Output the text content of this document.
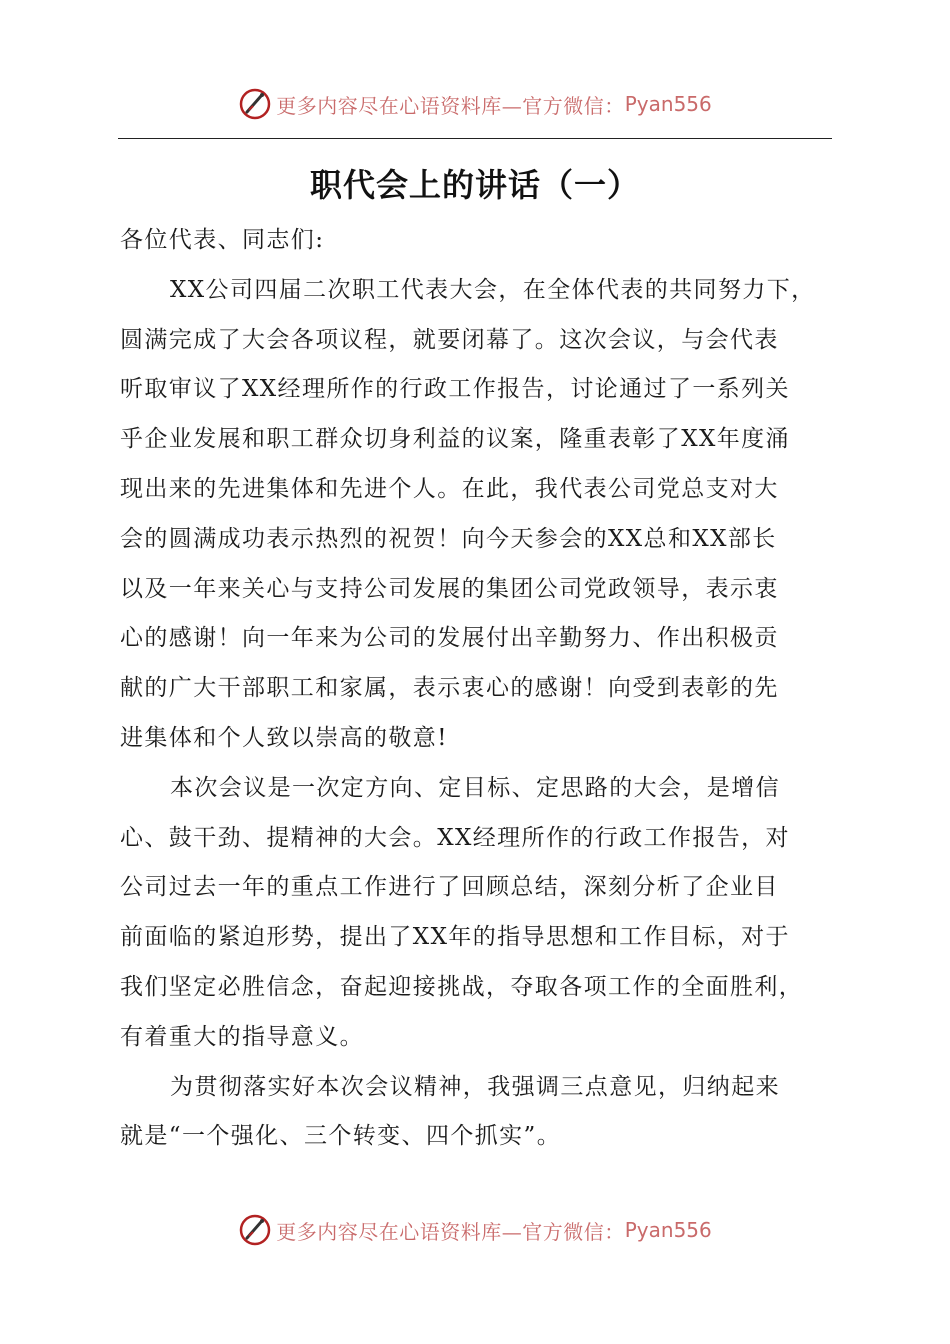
更多内容尽在心语资料库—官方微信： Pyan556
职代会上的讲话（一）
各位代表、同志们:
XX公司四届二次职工代表大会，在全体代表的共同努力下，
圆满完成了大会各项议程，就要闭幕了。这次会议，与会代表
听取审议了XX经理所作的行政工作报告，讨论通过了一系列关
乎企业发展和职工群众切身利益的议案，隆重表彰了XX年度涌
现出来的先进集体和先进个人。在此，我代表公司党总支对大
会的圆满成功表示热烈的祝贺！向今天参会的XX总和XX部长
以及一年来关心与支持公司发展的集团公司党政领导，表示衷
心的感谢！向一年来为公司的发展付出辛勤努力、作出积极贡
献的广大干部职工和家属，表示衷心的感谢！向受到表彰的先
进集体和个人致以崇高的敬意!
本次会议是一次定方向、定目标、定思路的大会，是增信
心、鼓干劲、提精神的大会。XX经理所作的行政工作报告，对
公司过去一年的重点工作进行了回顾总结，深刻分析了企业目
前面临的紧迫形势，提出了XX年的指导思想和工作目标，对于
我们坚定必胜信念，奋起迎接挑战，夺取各项工作的全面胜利，
有着重大的指导意义。
为贯彻落实好本次会议精神，我强调三点意见，归纳起来
就是“一个强化、三个转变、四个抓实”。
更多内容尽在心语资料库—官方微信： Pyan556
